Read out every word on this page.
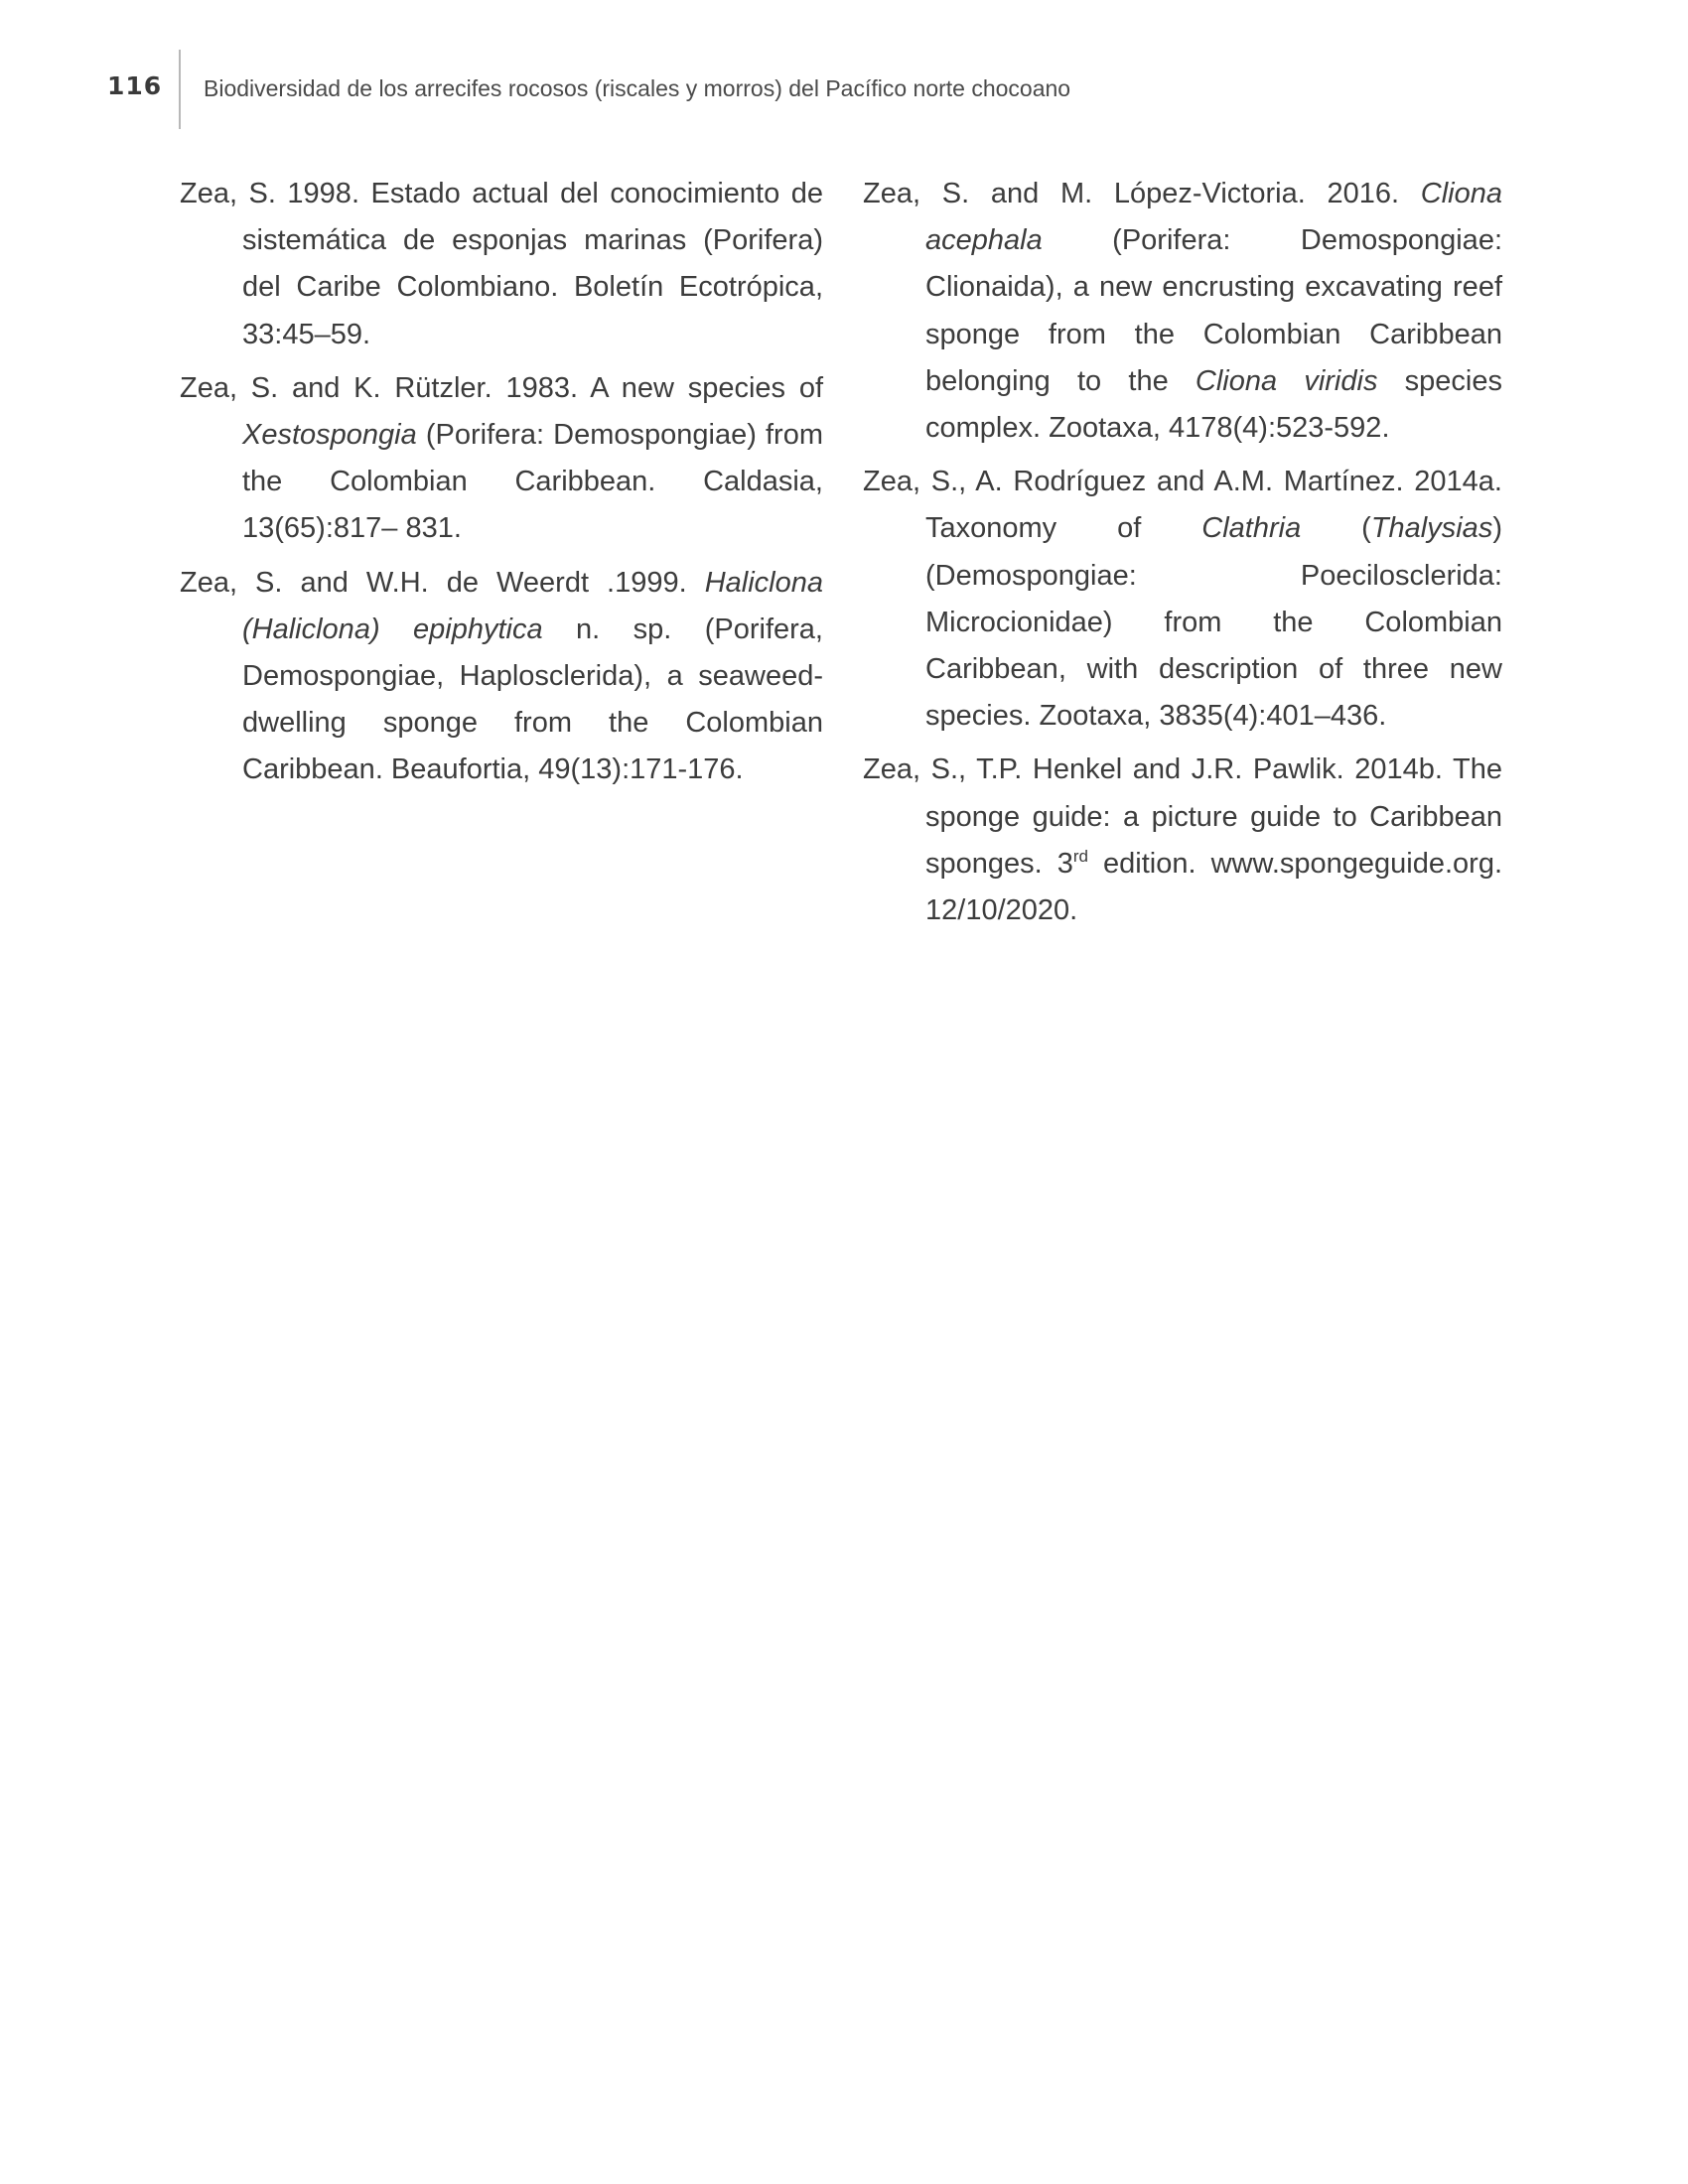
116 Biodiversidad de los arrecifes rocosos (riscales y morros) del Pacífico norte chocoano

Zea, S. 1998. Estado actual del conocimiento de sistemática de esponjas marinas (Porifera) del Caribe Colombiano. Boletín Ecotrópica, 33:45–59.

Zea, S. and K. Rützler. 1983. A new species of Xestospongia (Porifera: Demospongiae) from the Colombian Caribbean. Caldasia, 13(65):817– 831.

Zea, S. and W.H. de Weerdt .1999. Haliclona (Haliclona) epiphytica n. sp. (Porifera, Demospongiae, Haplosclerida), a seaweed-dwelling sponge from the Colombian Caribbean. Beaufortia, 49(13):171-176.

Zea, S. and M. López-Victoria. 2016. Cliona acephala (Porifera: Demospongiae: Clionaida), a new encrusting excavating reef sponge from the Colombian Caribbean belonging to the Cliona viridis species complex. Zootaxa, 4178(4):523-592.

Zea, S., A. Rodríguez and A.M. Martínez. 2014a. Taxonomy of Clathria (Thalysias) (Demospongiae: Poecilosclerida: Microcionidae) from the Colombian Caribbean, with description of three new species. Zootaxa, 3835(4):401–436.

Zea, S., T.P. Henkel and J.R. Pawlik. 2014b. The sponge guide: a picture guide to Caribbean sponges. 3rd edition. www.spongeguide.org. 12/10/2020.
